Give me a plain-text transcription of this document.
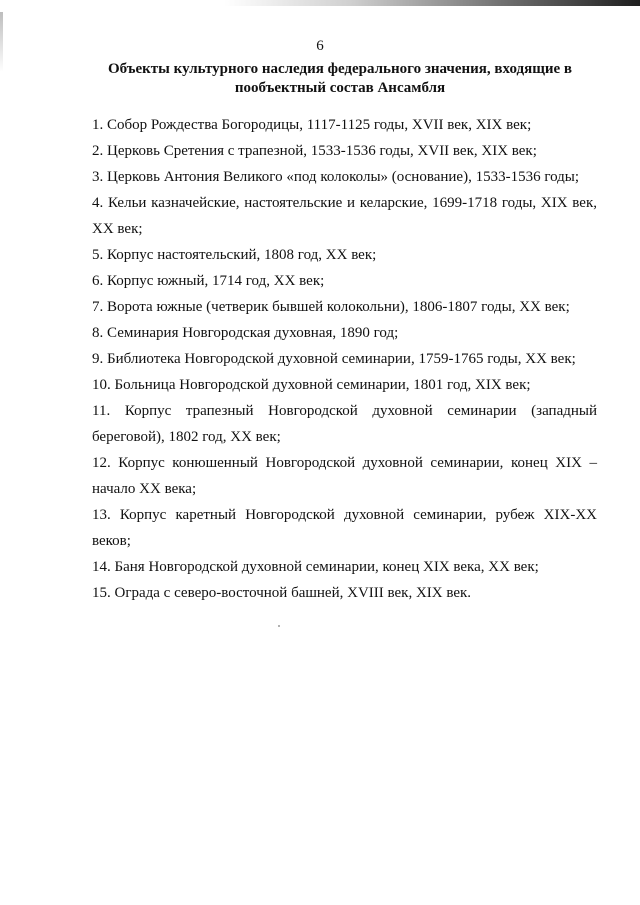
6
Объекты культурного наследия федерального значения, входящие в пообъектный состав Ансамбля
1. Собор Рождества Богородицы, 1117-1125 годы, XVII век, XIX век;
2. Церковь Сретения с трапезной, 1533-1536 годы, XVII век, XIX век;
3. Церковь Антония Великого «под колоколы» (основание), 1533-1536 годы;
4. Кельи казначейские, настоятельские и келарские, 1699-1718 годы, XIX век, XX век;
5. Корпус настоятельский, 1808 год, XX век;
6. Корпус южный, 1714 год, XX век;
7. Ворота южные (четверик бывшей колокольни), 1806-1807 годы, XX век;
8. Семинария Новгородская духовная, 1890 год;
9. Библиотека Новгородской духовной семинарии, 1759-1765 годы, XX век;
10. Больница Новгородской духовной семинарии, 1801 год, XIX век;
11. Корпус трапезный Новгородской духовной семинарии (западный береговой), 1802 год, XX век;
12. Корпус конюшенный Новгородской духовной семинарии, конец XIX – начало XX века;
13. Корпус каретный Новгородской духовной семинарии, рубеж XIX-XX веков;
14. Баня Новгородской духовной семинарии, конец XIX века, XX век;
15. Ограда с северо-восточной башней, XVIII век, XIX век.
